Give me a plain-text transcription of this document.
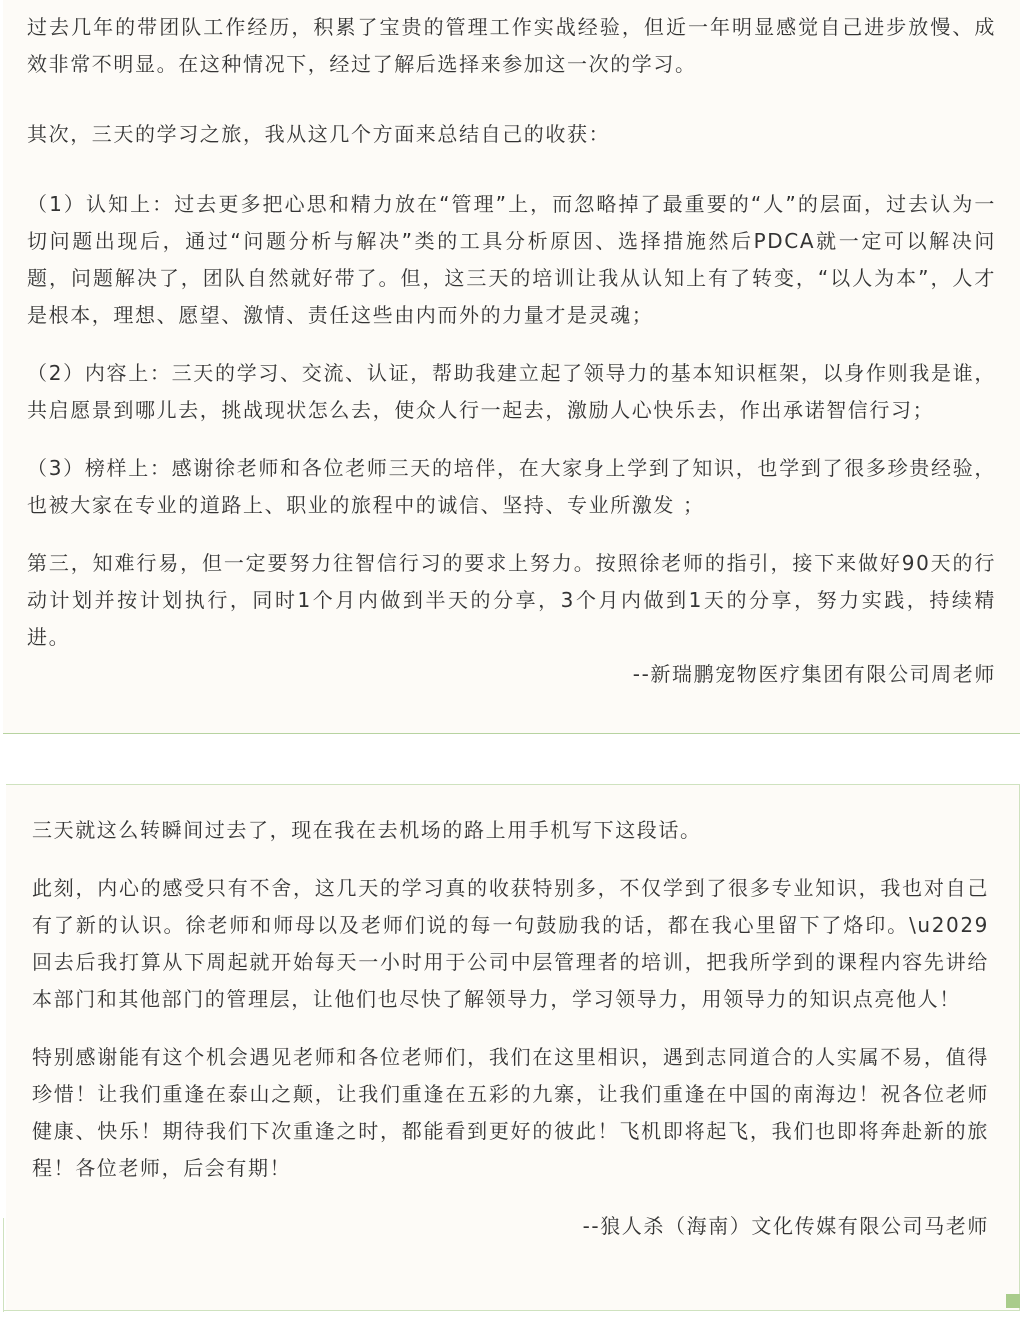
过去几年的带团队工作经历，积累了宝贵的管理工作实战经验，但近一年明显感觉自己进步放慢、成效非常不明显。在这种情况下，经过了解后选择来参加这一次的学习。

其次，三天的学习之旅，我从这几个方面来总结自己的收获：

（1）认知上：过去更多把心思和精力放在“管理”上，而忽略掉了最重要的“人”的层面，过去认为一切问题出现后，通过“问题分析与解决”类的工具分析原因、选择措施然后PDCA就一定可以解决问题，问题解决了，团队自然就好带了。但，这三天的培训让我从认知上有了转变，“以人为本”，人才是根本，理想、愿望、激情、责任这些由内而外的力量才是灵魂；

（2）内容上：三天的学习、交流、认证，帮助我建立起了领导力的基本知识框架，以身作则我是谁，共启愿景到哪儿去，挑战现状怎么去，使众人行一起去，激励人心快乐去，作出承诺智信行习；

（3）榜样上：感谢徐老师和各位老师三天的培伴，在大家身上学到了知识，也学到了很多珍贵经验，也被大家在专业的道路上、职业的旅程中的诚信、坚持、专业所激发 ；

第三，知难行易，但一定要努力往智信行习的要求上努力。按照徐老师的指引，接下来做好90天的行动计划并按计划执行，同时1个月内做到半天的分享，3个月内做到1天的分享，努力实践，持续精进。

--新瑞鹏宠物医疗集团有限公司周老师

三天就这么转瞬间过去了，现在我在去机场的路上用手机写下这段话。

此刻，内心的感受只有不舍，这几天的学习真的收获特别多，不仅学到了很多专业知识，我也对自己有了新的认识。徐老师和师母以及老师们说的每一句鼓励我的话，都在我心里留下了烙印。\u2029回去后我打算从下周起就开始每天一小时用于公司中层管理者的培训，把我所学到的课程内容先讲给本部门和其他部门的管理层，让他们也尽快了解领导力，学习领导力，用领导力的知识点亮他人！

特别感谢能有这个机会遇见老师和各位老师们，我们在这里相识，遇到志同道合的人实属不易，值得珍惜！让我们重逢在泰山之颠，让我们重逢在五彩的九寨，让我们重逢在中国的南海边！祝各位老师健康、快乐！期待我们下次重逢之时，都能看到更好的彼此！飞机即将起飞，我们也即将奔赴新的旅程！各位老师，后会有期！

--狼人杀（海南）文化传媒有限公司马老师
